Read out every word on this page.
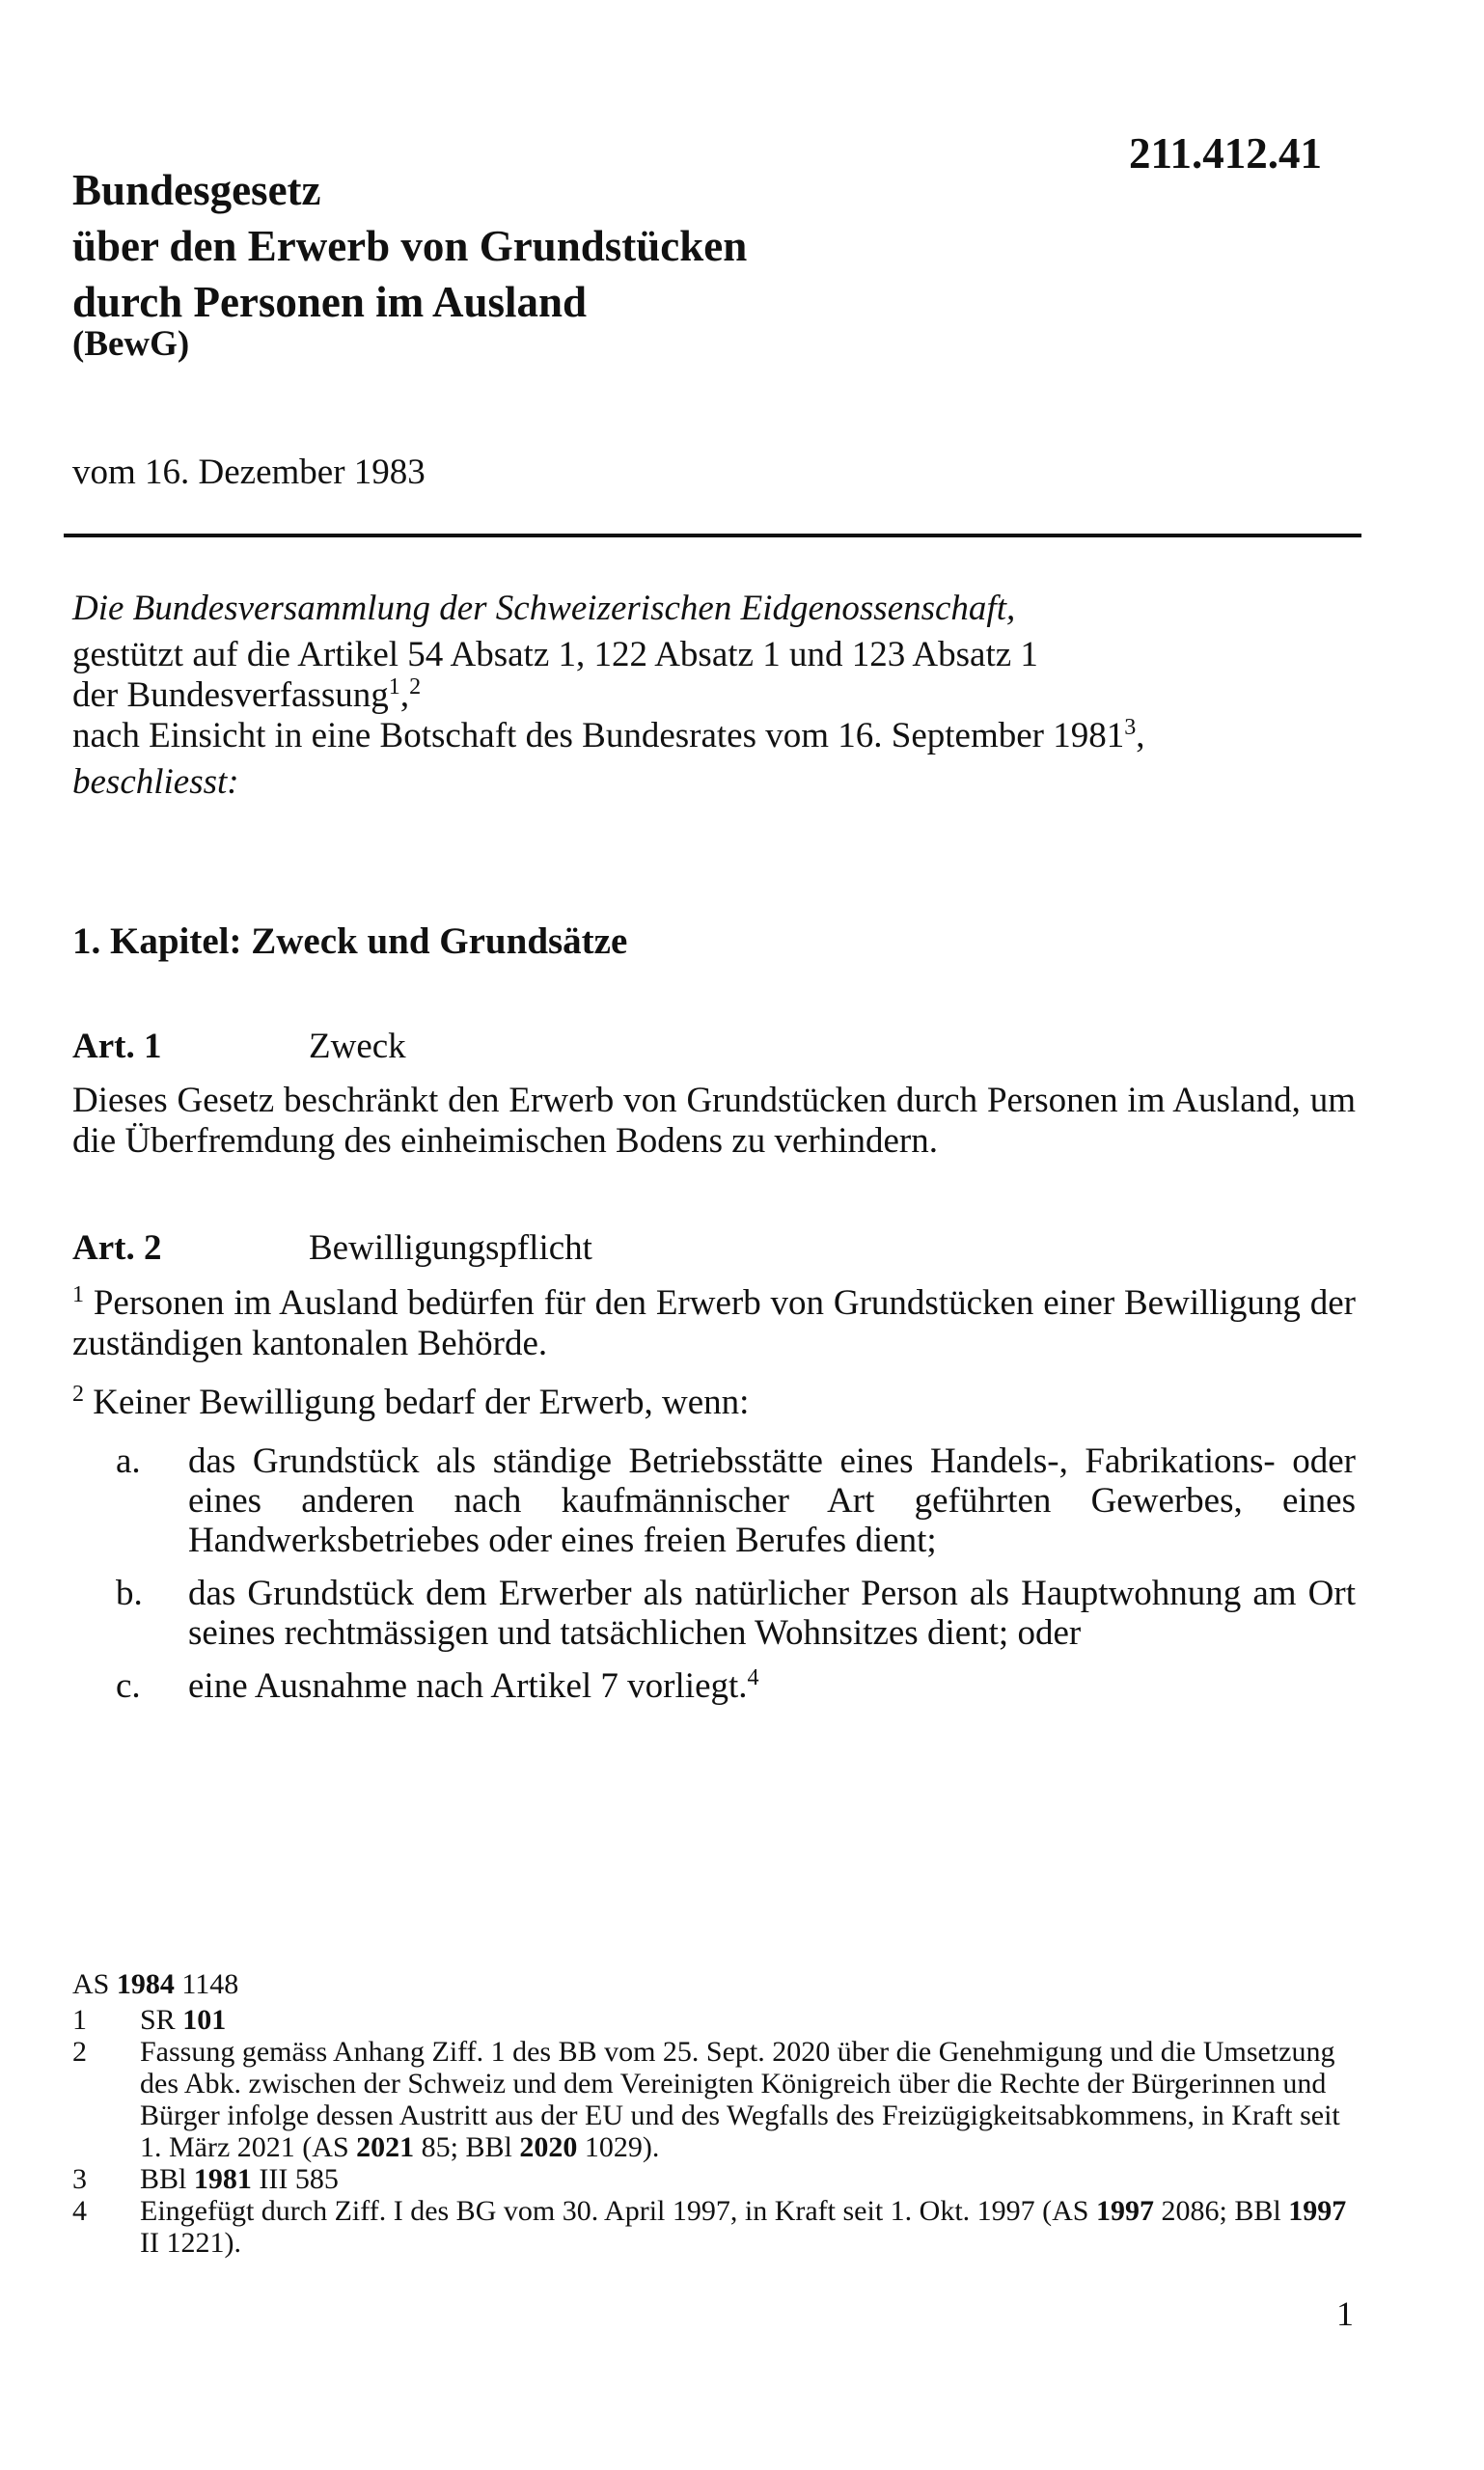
Bundesgesetz
über den Erwerb von Grundstücken
durch Personen im Ausland
(BewG)
211.412.41
vom 16. Dezember 1983
Die Bundesversammlung der Schweizerischen Eidgenossenschaft,
gestützt auf die Artikel 54 Absatz 1, 122 Absatz 1 und 123 Absatz 1
der Bundesverfassung$^1$,$^2$
nach Einsicht in eine Botschaft des Bundesrates vom 16. September 1981$^3$,
beschliesst:
1. Kapitel: Zweck und Grundsätze
Art. 1	Zweck
Dieses Gesetz beschränkt den Erwerb von Grundstücken durch Personen im Ausland, um die Überfremdung des einheimischen Bodens zu verhindern.
Art. 2	Bewilligungspflicht
$^1$ Personen im Ausland bedürfen für den Erwerb von Grundstücken einer Bewilligung der zuständigen kantonalen Behörde.
$^2$ Keiner Bewilligung bedarf der Erwerb, wenn:
a.	das Grundstück als ständige Betriebsstätte eines Handels-, Fabrikations- oder eines anderen nach kaufmännischer Art geführten Gewerbes, eines Handwerksbetriebes oder eines freien Berufes dient;
b.	das Grundstück dem Erwerber als natürlicher Person als Hauptwohnung am Ort seines rechtmässigen und tatsächlichen Wohnsitzes dient; oder
c.	eine Ausnahme nach Artikel 7 vorliegt.$^4$
AS 1984 1148
1	SR 101
2	Fassung gemäss Anhang Ziff. 1 des BB vom 25. Sept. 2020 über die Genehmigung und die Umsetzung des Abk. zwischen der Schweiz und dem Vereinigten Königreich über die Rechte der Bürgerinnen und Bürger infolge dessen Austritt aus der EU und des Wegfalls des Freizügigkeitsabkommens, in Kraft seit 1. März 2021 (AS 2021 85; BBl 2020 1029).
3	BBl 1981 III 585
4	Eingefügt durch Ziff. I des BG vom 30. April 1997, in Kraft seit 1. Okt. 1997 (AS 1997 2086; BBl 1997 II 1221).
1
